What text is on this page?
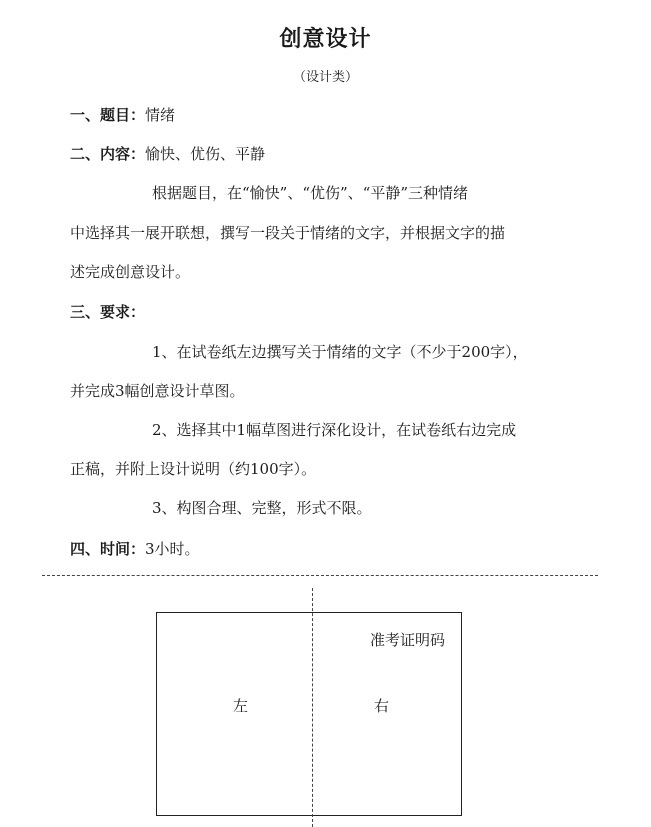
创意设计
（设计类）
一、题目：情绪
二、内容：愉快、优伤、平静
根据题目，在“愉快”、“优伤”、“平静”三种情绪
中选择其一展开联想，撰写一段关于情绪的文字，并根据文字的描
述完成创意设计。
三、要求：
1、在试卷纸左边撰写关于情绪的文字（不少于200字），
并完成3幅创意设计草图。
2、选择其中1幅草图进行深化设计，在试卷纸右边完成
正稿，并附上设计说明（约100字）。
3、构图合理、完整，形式不限。
四、时间：3小时。
准考证明码
左	右
